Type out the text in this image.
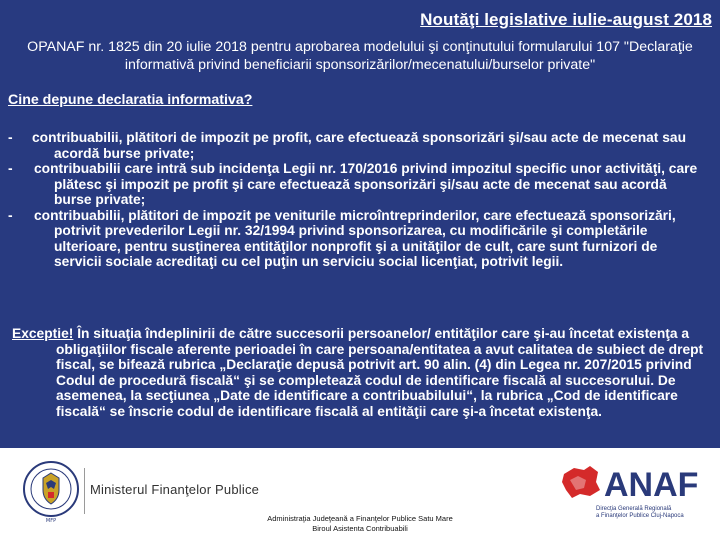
Noutăţi legislative iulie-august 2018
OPANAF nr. 1825 din 20 iulie 2018 pentru aprobarea modelului şi conţinutului formularului 107 "Declaraţie informativă privind beneficiarii sponsorizărilor/mecenatului/burselor private"
Cine depune declaratia informativa?
- contribuabilii, plătitori de impozit pe profit, care efectuează sponsorizări şi/sau acte de mecenat sau acordă burse private;
- contribuabilii care intră sub incidenţa Legii nr. 170/2016 privind impozitul specific unor activităţi, care plătesc şi impozit pe profit şi care efectuează sponsorizări şi/sau acte de mecenat sau acordă burse private;
- contribuabilii, plătitori de impozit pe veniturile microîntreprinderilor, care efectuează sponsorizări, potrivit prevederilor Legii nr. 32/1994 privind sponsorizarea, cu modificările şi completările ulterioare, pentru susţinerea entităţilor nonprofit şi a unităţilor de cult, care sunt furnizori de servicii sociale acreditaţi cu cel puţin un serviciu social licenţiat, potrivit legii.
Exceptie! În situaţia îndeplinirii de către succesorii persoanelor/ entităţilor care şi-au încetat existenţa a obligaţiilor fiscale aferente perioadei în care persoana/entitatea a avut calitatea de subiect de drept fiscal, se bifează rubrica „Declaraţie depusă potrivit art. 90 alin. (4) din Legea nr. 207/2015 privind Codul de procedură fiscală“ şi se completează codul de identificare fiscală al succesorului. De asemenea, la secţiunea „Date de identificare a contribuabilului“, la rubrica „Cod de identificare fiscală“ se înscrie codul de identificare fiscală al entităţii care şi-a încetat existenţa.
MFP
Ministerul Finanţelor Publice
Administraţia Judeţeană a Finanţelor Publice Satu Mare
Biroul Asistenta Contribuabili
ANAF
Direcţia Generală Regională
a Finanţelor Publice Cluj-Napoca
